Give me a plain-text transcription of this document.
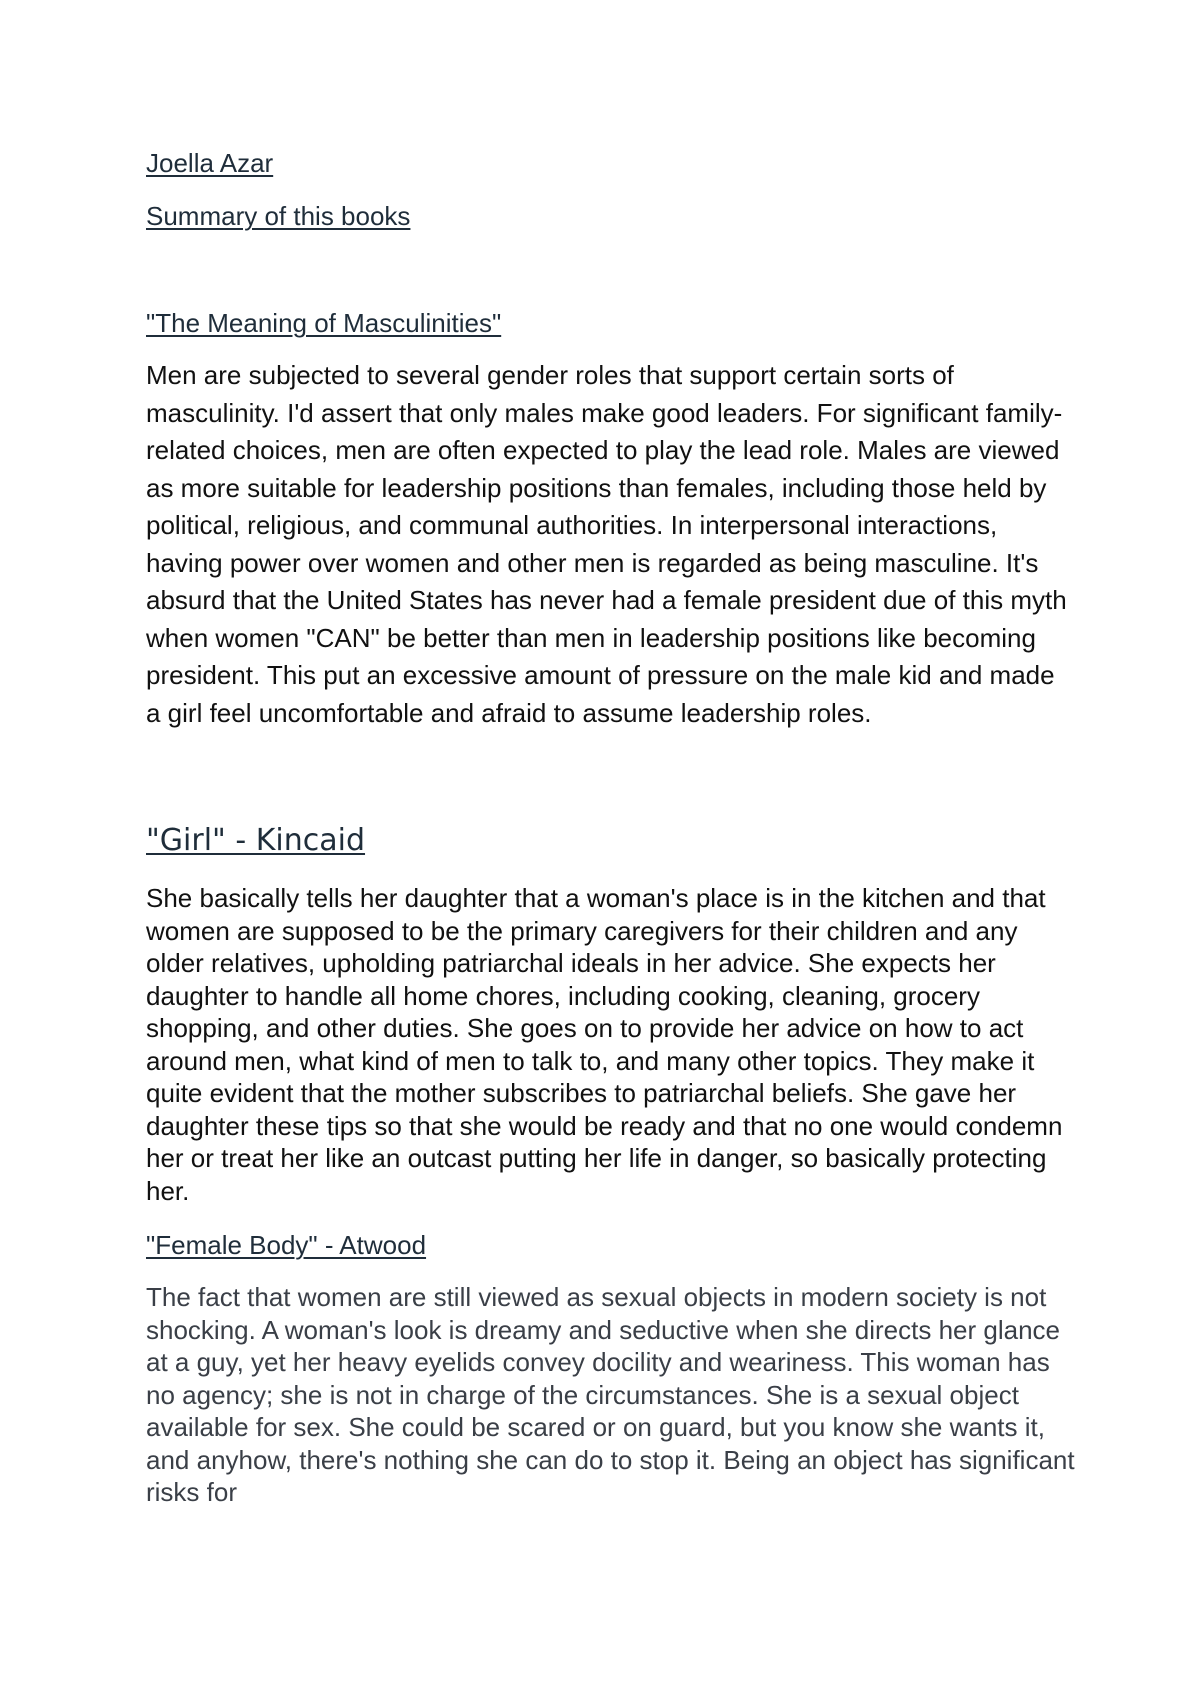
Joella Azar
Summary of this books
"The Meaning of Masculinities"

Men are subjected to several gender roles that support certain sorts of masculinity. I'd assert that only males make good leaders. For significant family-related choices, men are often expected to play the lead role. Males are viewed as more suitable for leadership positions than females, including those held by political, religious, and communal authorities. In interpersonal interactions, having power over women and other men is regarded as being masculine. It's absurd that the United States has never had a female president due of this myth when women "CAN" be better than men in leadership positions like becoming president. This put an excessive amount of pressure on the male kid and made a girl feel uncomfortable and afraid to assume leadership roles.

"Girl" - Kincaid

She basically tells her daughter that a woman's place is in the kitchen and that women are supposed to be the primary caregivers for their children and any older relatives, upholding patriarchal ideals in her advice. She expects her daughter to handle all home chores, including cooking, cleaning, grocery shopping, and other duties. She goes on to provide her advice on how to act around men, what kind of men to talk to, and many other topics. They make it quite evident that the mother subscribes to patriarchal beliefs. She gave her daughter these tips so that she would be ready and that no one would condemn her or treat her like an outcast putting her life in danger, so basically protecting her.

"Female Body" - Atwood

The fact that women are still viewed as sexual objects in modern society is not shocking. A woman's look is dreamy and seductive when she directs her glance at a guy, yet her heavy eyelids convey docility and weariness. This woman has no agency; she is not in charge of the circumstances. She is a sexual object available for sex. She could be scared or on guard, but you know she wants it, and anyhow, there's nothing she can do to stop it. Being an object has significant risks for
